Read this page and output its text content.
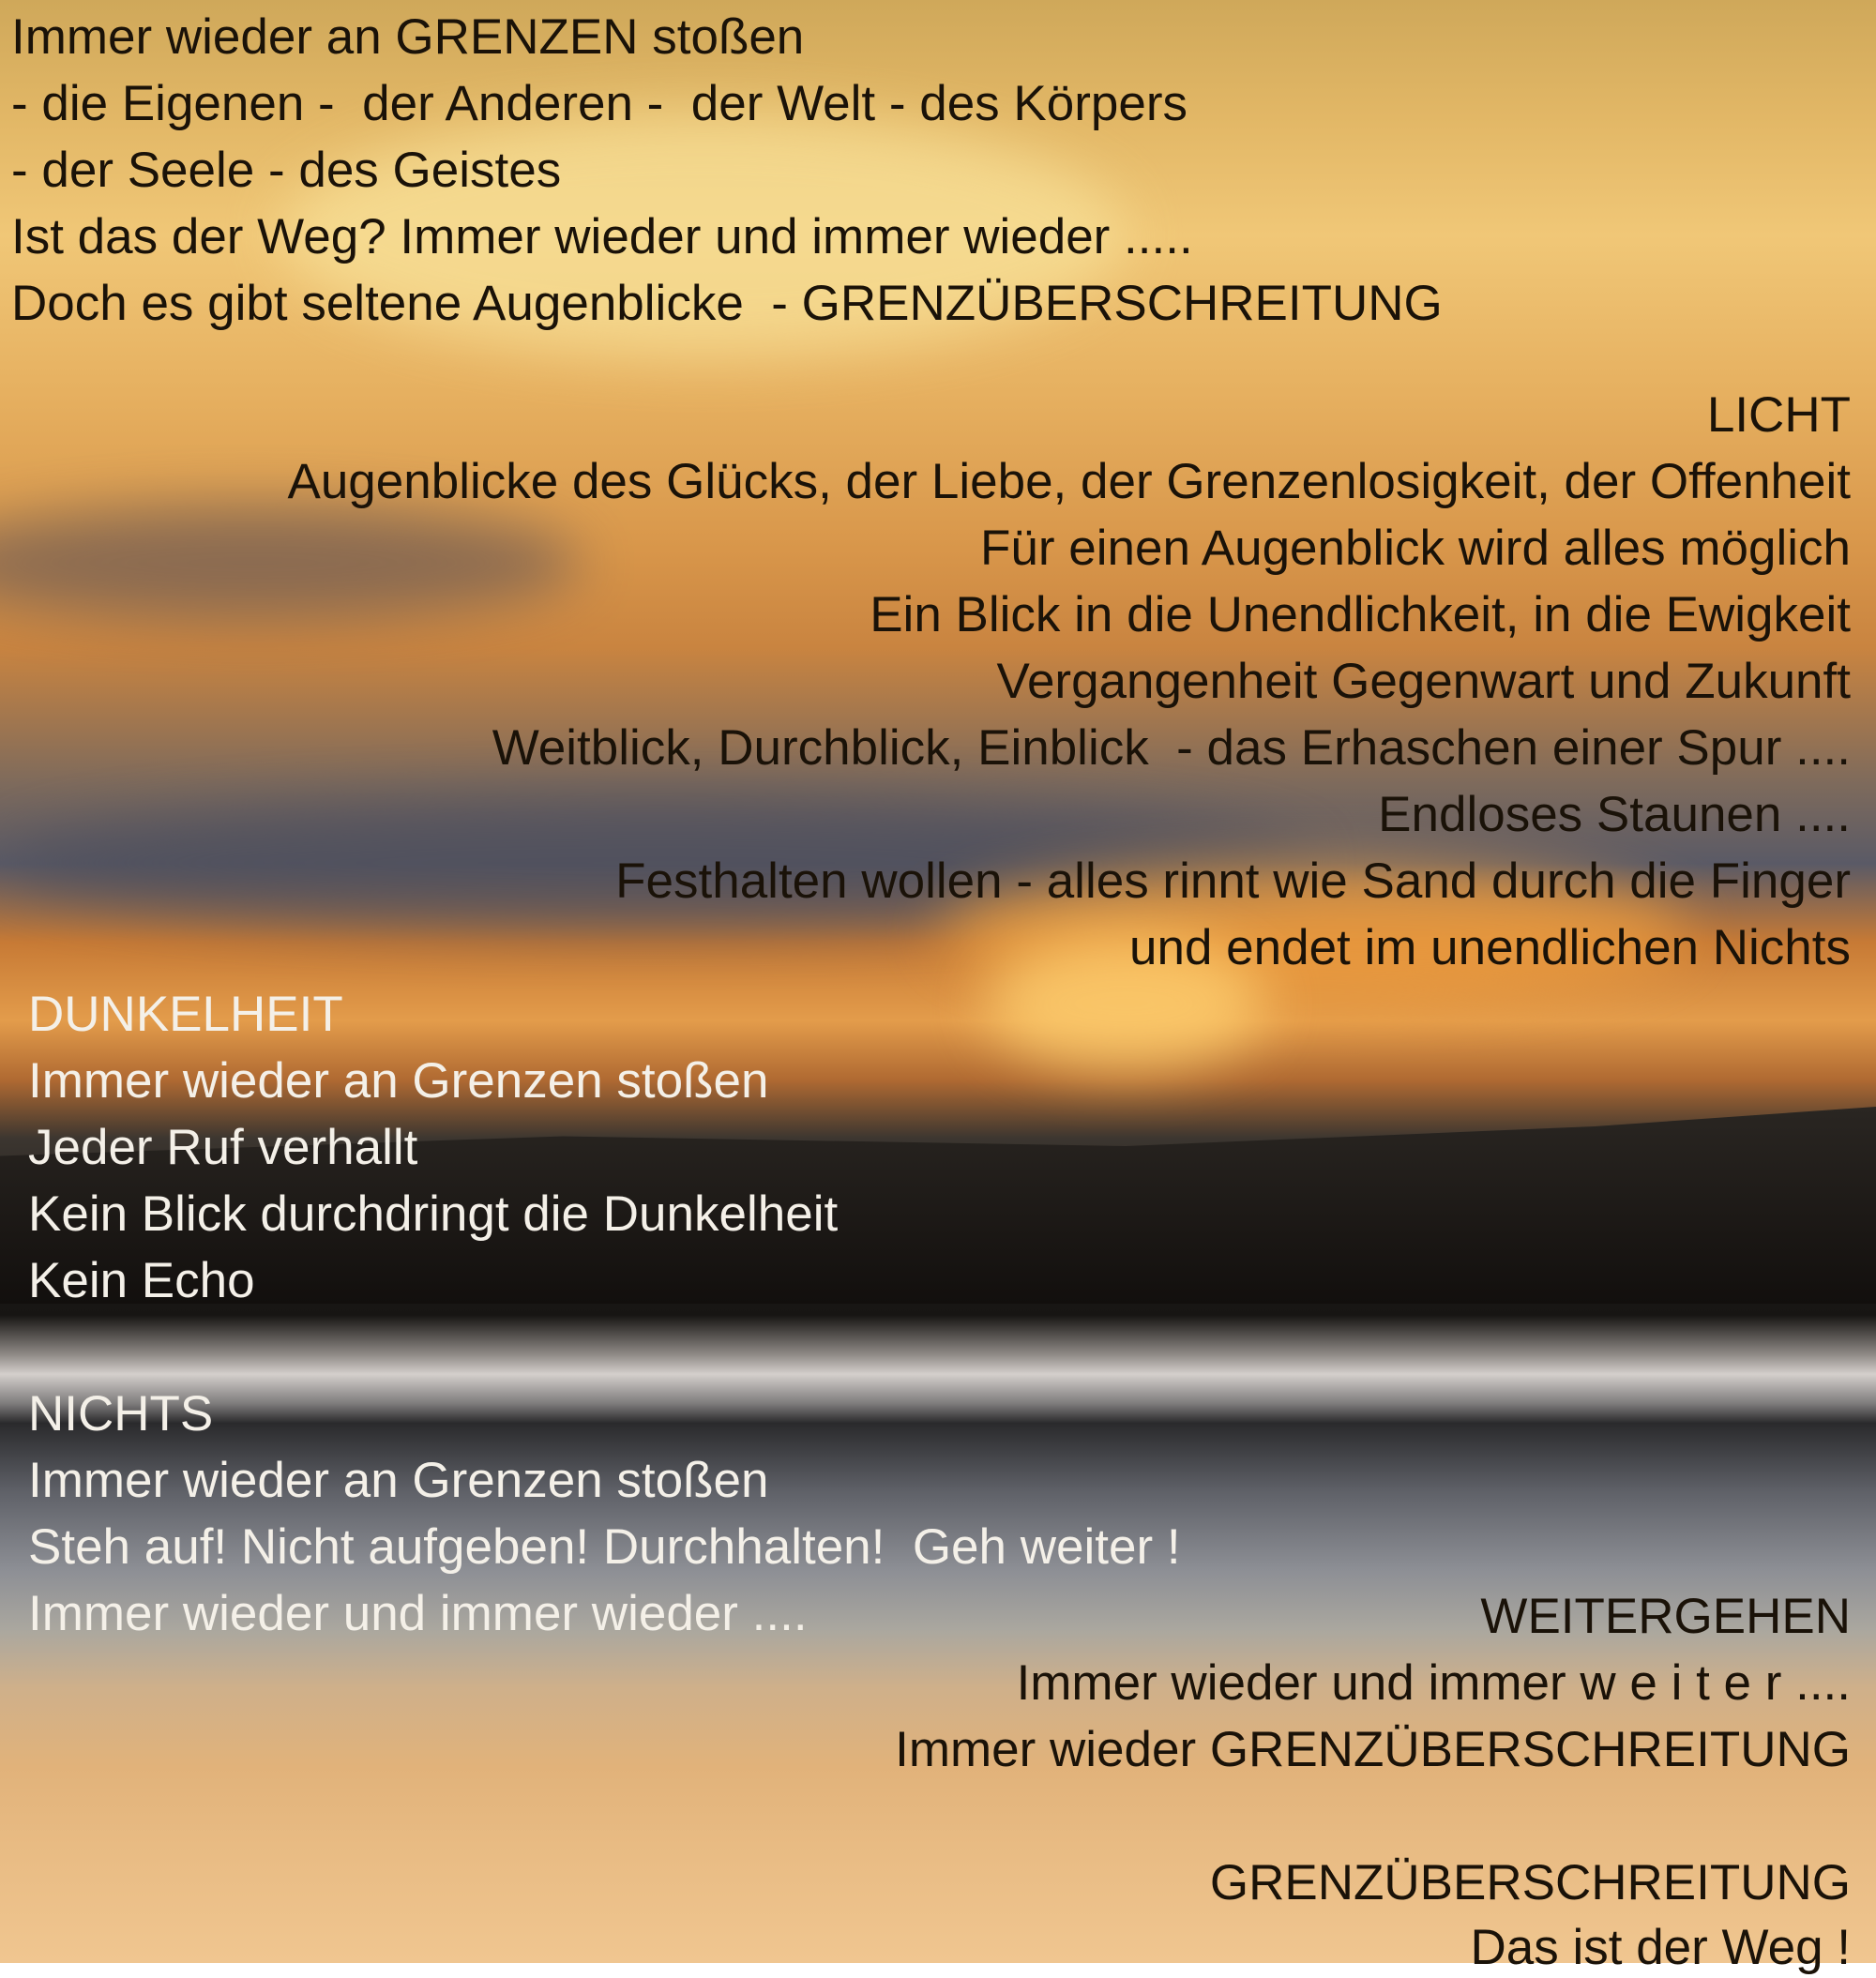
Immer wieder an GRENZEN stoßen
- die Eigenen -  der Anderen -  der Welt - des Körpers
- der Seele - des Geistes
Ist das der Weg? Immer wieder und immer wieder .....
Doch es gibt seltene Augenblicke  - GRENZÜBERSCHREITUNG
LICHT
Augenblicke des Glücks, der Liebe, der Grenzenlosigkeit, der Offenheit
Für einen Augenblick wird alles möglich
Ein Blick in die Unendlichkeit, in die Ewigkeit
Vergangenheit Gegenwart und Zukunft
Weitblick, Durchblick, Einblick  - das Erhaschen einer Spur ....
Endloses Staunen ....
Festhalten wollen - alles rinnt wie Sand durch die Finger
und endet im unendlichen Nichts
DUNKELHEIT
Immer wieder an Grenzen stoßen
Jeder Ruf verhallt
Kein Blick durchdringt die Dunkelheit
Kein Echo
NICHTS
Immer wieder an Grenzen stoßen
Steh auf! Nicht aufgeben! Durchhalten!  Geh weiter !
Immer wieder und immer wieder ....	WEITERGEHEN
Immer wieder und immer w e i t e r ....
Immer wieder GRENZÜBERSCHREITUNG
GRENZÜBERSCHREITUNG
Das ist der Weg !
